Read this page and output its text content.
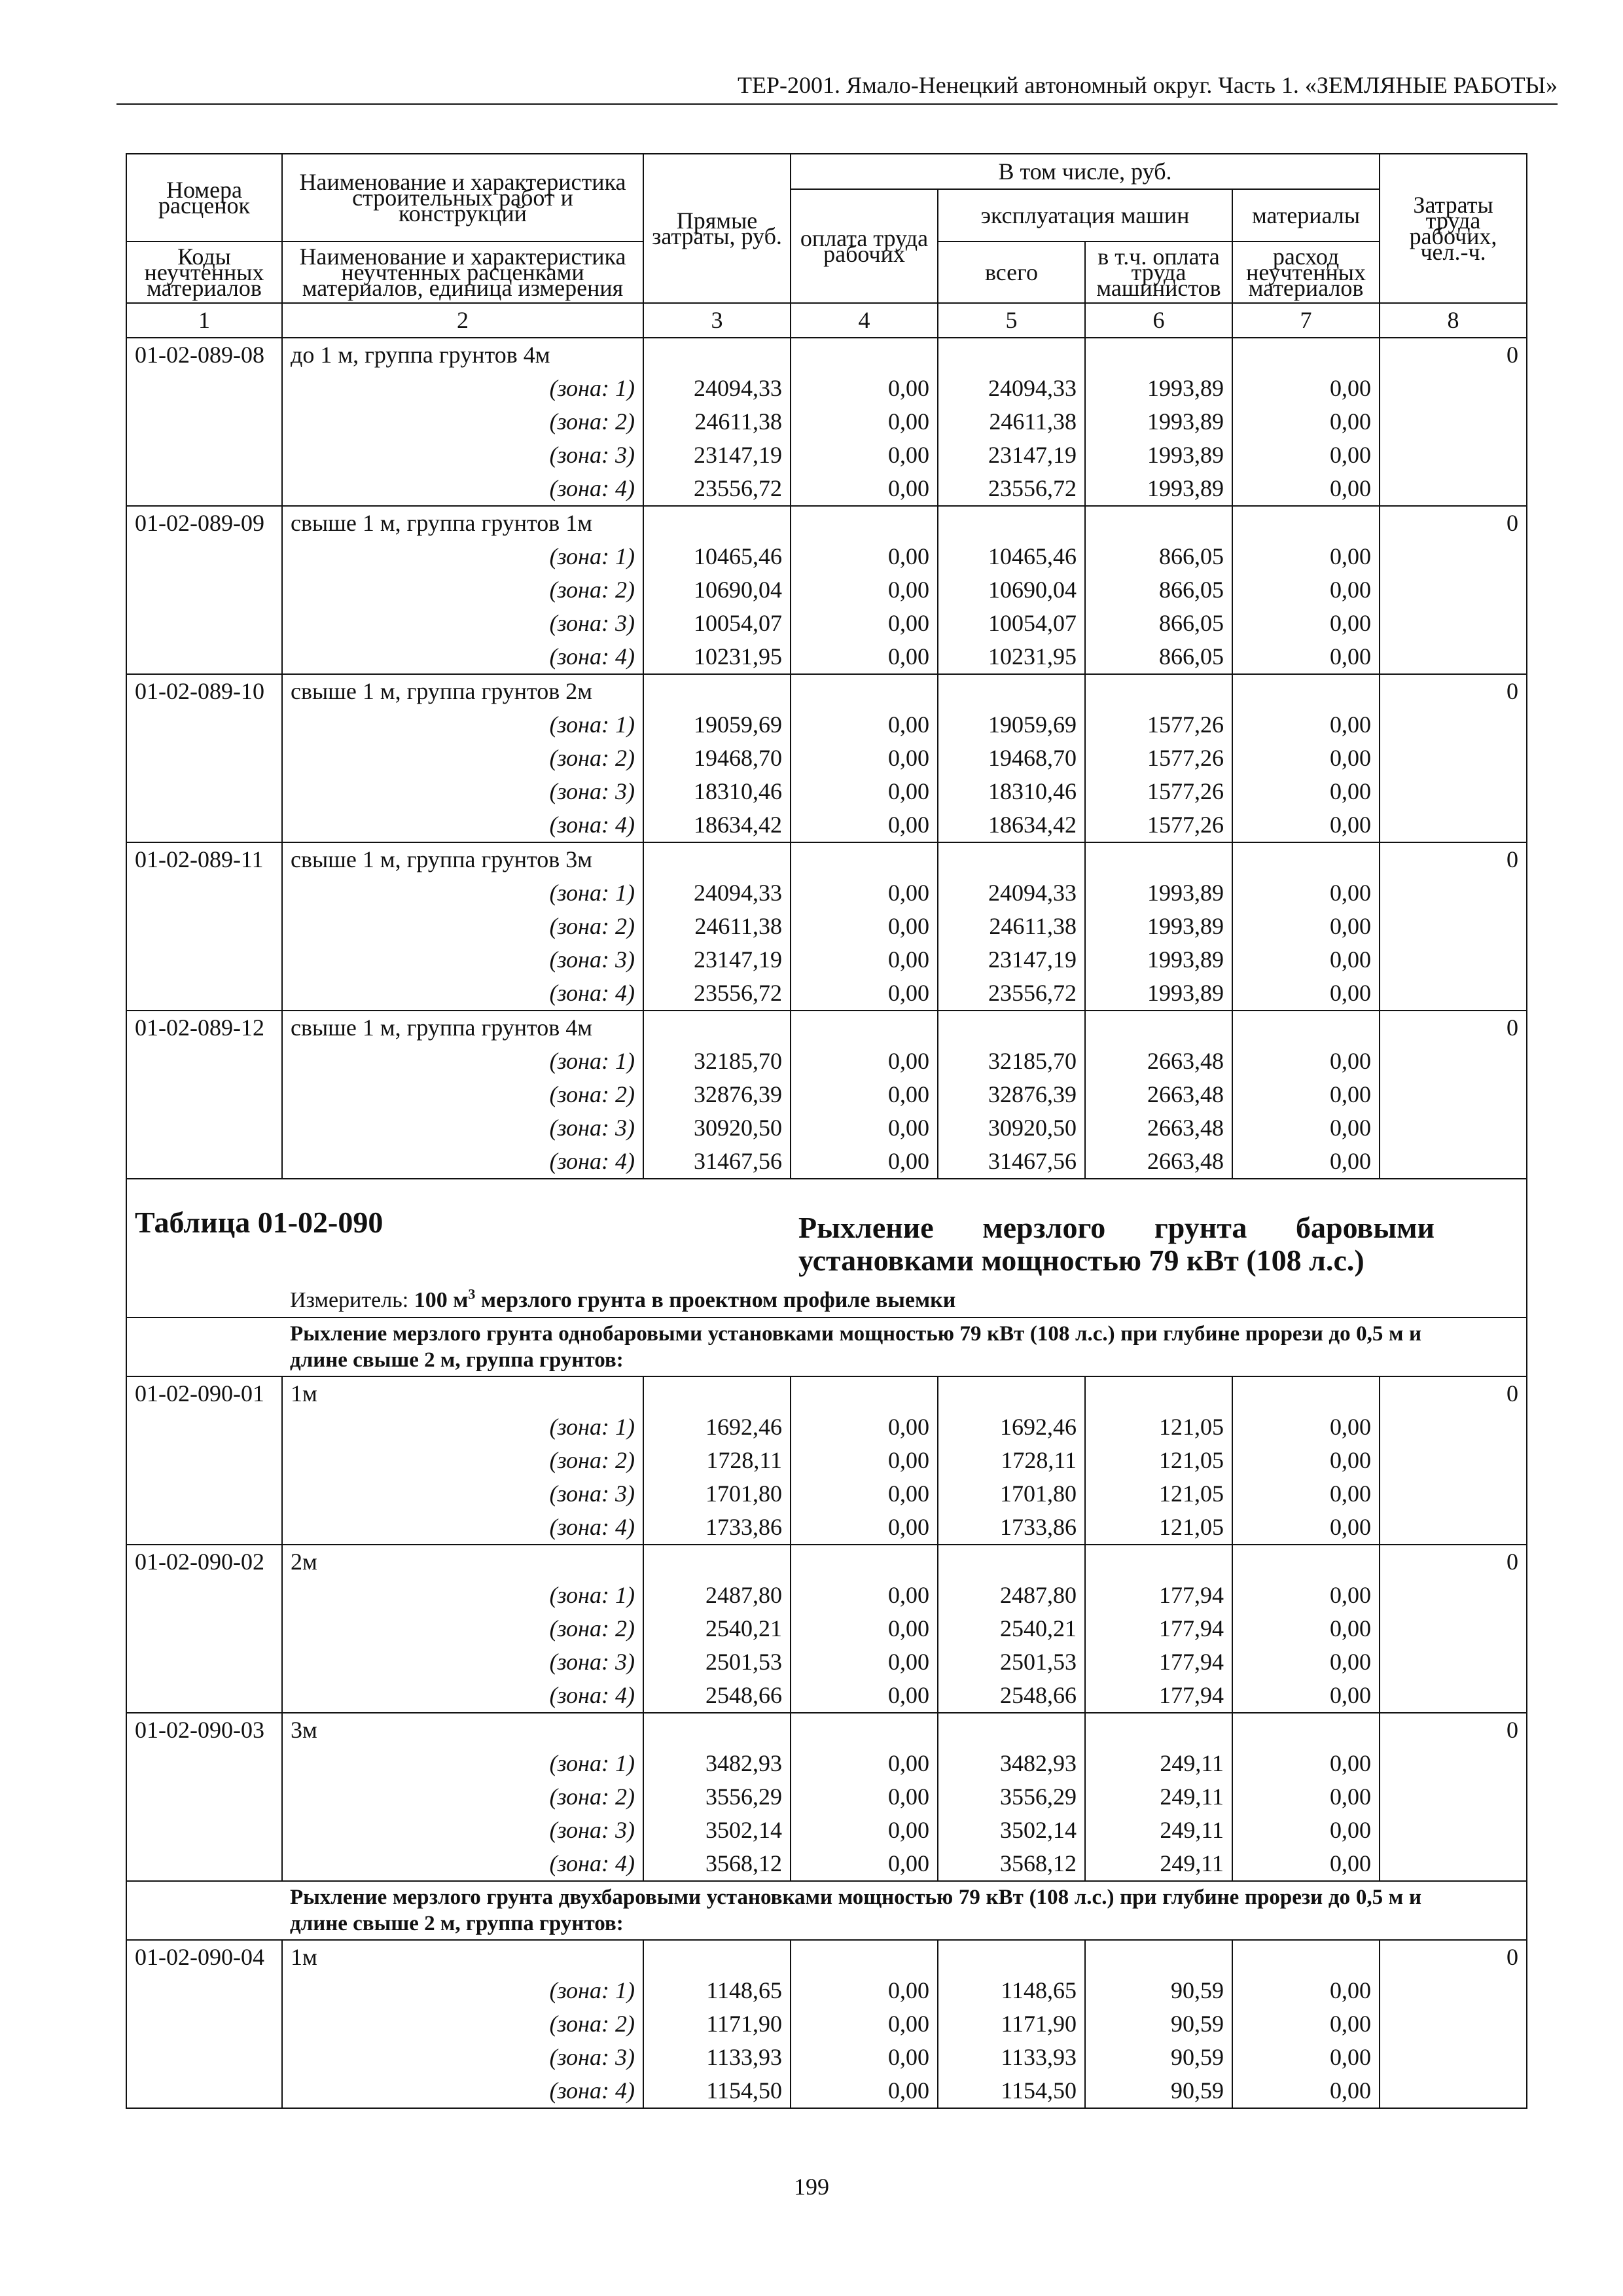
ТЕР-2001. Ямало-Ненецкий автономный округ. Часть 1. «ЗЕМЛЯНЫЕ РАБОТЫ»
Номера расценок	Наименование и характеристика строительных работ и конструкций	Прямые затраты, руб.	В том числе, руб.				Затраты труда рабочих, чел.-ч.
			оплата труда рабочих	эксплуатация машин		материалы	
Коды неучтенных материалов	Наименование и характеристика неучтенных расценками материалов, единица измерения			всего	в т.ч. оплата труда машинистов	расход неучтенных материалов	
1	2	3	4	5	6	7	8
01-02-089-08	до 1 м, группа грунтов 4м						0
	(зона: 1)	24094,33	0,00	24094,33	1993,89	0,00	
	(зона: 2)	24611,38	0,00	24611,38	1993,89	0,00	
	(зона: 3)	23147,19	0,00	23147,19	1993,89	0,00	
	(зона: 4)	23556,72	0,00	23556,72	1993,89	0,00	
01-02-089-09	свыше 1 м, группа грунтов 1м						0
	(зона: 1)	10465,46	0,00	10465,46	866,05	0,00	
	(зона: 2)	10690,04	0,00	10690,04	866,05	0,00	
	(зона: 3)	10054,07	0,00	10054,07	866,05	0,00	
	(зона: 4)	10231,95	0,00	10231,95	866,05	0,00	
01-02-089-10	свыше 1 м, группа грунтов 2м						0
	(зона: 1)	19059,69	0,00	19059,69	1577,26	0,00	
	(зона: 2)	19468,70	0,00	19468,70	1577,26	0,00	
	(зона: 3)	18310,46	0,00	18310,46	1577,26	0,00	
	(зона: 4)	18634,42	0,00	18634,42	1577,26	0,00	
01-02-089-11	свыше 1 м, группа грунтов 3м						0
	(зона: 1)	24094,33	0,00	24094,33	1993,89	0,00	
	(зона: 2)	24611,38	0,00	24611,38	1993,89	0,00	
	(зона: 3)	23147,19	0,00	23147,19	1993,89	0,00	
	(зона: 4)	23556,72	0,00	23556,72	1993,89	0,00	
01-02-089-12	свыше 1 м, группа грунтов 4м						0
	(зона: 1)	32185,70	0,00	32185,70	2663,48	0,00	
	(зона: 2)	32876,39	0,00	32876,39	2663,48	0,00	
	(зона: 3)	30920,50	0,00	30920,50	2663,48	0,00	
	(зона: 4)	31467,56	0,00	31467,56	2663,48	0,00	
Таблица 01-02-090			Рыхление мерзлого грунта баровыми установками мощностью 79 кВт (108 л.с.)				
	Измеритель: 100 $м^3$ мерзлого грунта в проектном профиле выемки						
	Рыхление мерзлого грунта однобаровыми установками мощностью 79 кВт (108 л.с.) при глубине прорези до 0,5 м и длине свыше 2 м, группа грунтов:						
01-02-090-01	1м						0
	(зона: 1)	1692,46	0,00	1692,46	121,05	0,00	
	(зона: 2)	1728,11	0,00	1728,11	121,05	0,00	
	(зона: 3)	1701,80	0,00	1701,80	121,05	0,00	
	(зона: 4)	1733,86	0,00	1733,86	121,05	0,00	
01-02-090-02	2м						0
	(зона: 1)	2487,80	0,00	2487,80	177,94	0,00	
	(зона: 2)	2540,21	0,00	2540,21	177,94	0,00	
	(зона: 3)	2501,53	0,00	2501,53	177,94	0,00	
	(зона: 4)	2548,66	0,00	2548,66	177,94	0,00	
01-02-090-03	3м						0
	(зона: 1)	3482,93	0,00	3482,93	249,11	0,00	
	(зона: 2)	3556,29	0,00	3556,29	249,11	0,00	
	(зона: 3)	3502,14	0,00	3502,14	249,11	0,00	
	(зона: 4)	3568,12	0,00	3568,12	249,11	0,00	
	Рыхление мерзлого грунта двухбаровыми установками мощностью 79 кВт (108 л.с.) при глубине прорези до 0,5 м и длине свыше 2 м, группа грунтов:						
01-02-090-04	1м						0
	(зона: 1)	1148,65	0,00	1148,65	90,59	0,00	
	(зона: 2)	1171,90	0,00	1171,90	90,59	0,00	
	(зона: 3)	1133,93	0,00	1133,93	90,59	0,00	
	(зона: 4)	1154,50	0,00	1154,50	90,59	0,00	
199
